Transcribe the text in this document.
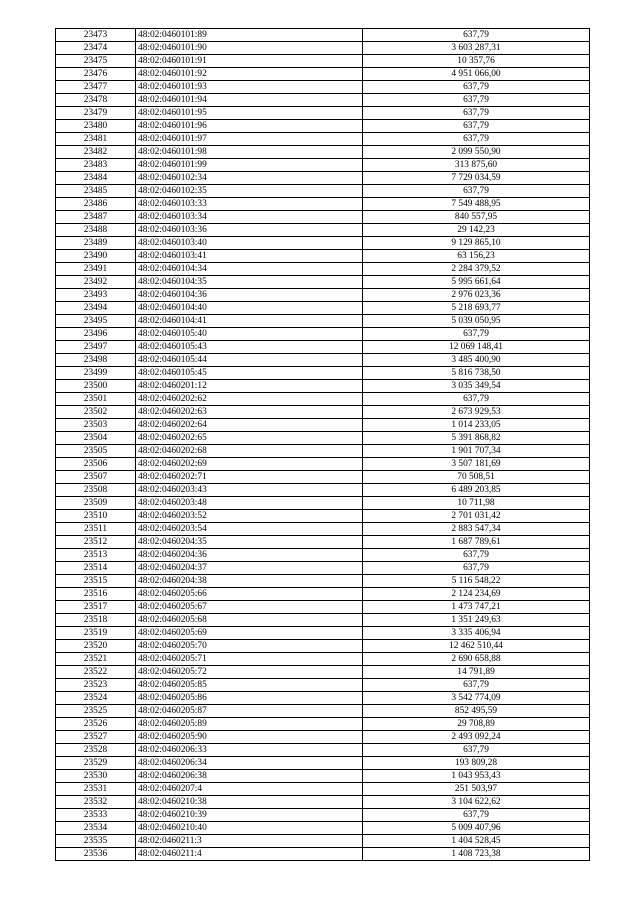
23473	48:02:0460101:89	637,79
23474	48:02:0460101:90	3 603 287,31
23475	48:02:0460101:91	10 357,76
23476	48:02:0460101:92	4 951 066,00
23477	48:02:0460101:93	637,79
23478	48:02:0460101:94	637,79
23479	48:02:0460101:95	637,79
23480	48:02:0460101:96	637,79
23481	48:02:0460101:97	637,79
23482	48:02:0460101:98	2 099 550,90
23483	48:02:0460101:99	313 875,60
23484	48:02:0460102:34	7 729 034,59
23485	48:02:0460102:35	637,79
23486	48:02:0460103:33	7 549 488,95
23487	48:02:0460103:34	840 557,95
23488	48:02:0460103:36	29 142,23
23489	48:02:0460103:40	9 129 865,10
23490	48:02:0460103:41	63 156,23
23491	48:02:0460104:34	2 284 379,52
23492	48:02:0460104:35	5 995 661,64
23493	48:02:0460104:36	2 976 023,36
23494	48:02:0460104:40	5 218 693,77
23495	48:02:0460104:41	5 039 050,95
23496	48:02:0460105:40	637,79
23497	48:02:0460105:43	12 069 148,41
23498	48:02:0460105:44	3 485 400,90
23499	48:02:0460105:45	5 816 738,50
23500	48:02:0460201:12	3 035 349,54
23501	48:02:0460202:62	637,79
23502	48:02:0460202:63	2 673 929,53
23503	48:02:0460202:64	1 014 233,05
23504	48:02:0460202:65	5 391 868,82
23505	48:02:0460202:68	1 901 707,34
23506	48:02:0460202:69	3 507 181,69
23507	48:02:0460202:71	70 508,51
23508	48:02:0460203:43	6 489 203,85
23509	48:02:0460203:48	10 711,98
23510	48:02:0460203:52	2 701 031,42
23511	48:02:0460203:54	2 883 547,34
23512	48:02:0460204:35	1 687 789,61
23513	48:02:0460204:36	637,79
23514	48:02:0460204:37	637,79
23515	48:02:0460204:38	5 116 548,22
23516	48:02:0460205:66	2 124 234,69
23517	48:02:0460205:67	1 473 747,21
23518	48:02:0460205:68	1 351 249,63
23519	48:02:0460205:69	3 335 406,94
23520	48:02:0460205:70	12 462 510,44
23521	48:02:0460205:71	2 690 658,88
23522	48:02:0460205:72	14 791,89
23523	48:02:0460205:85	637,79
23524	48:02:0460205:86	3 542 774,09
23525	48:02:0460205:87	852 495,59
23526	48:02:0460205:89	29 708,89
23527	48:02:0460205:90	2 493 092,24
23528	48:02:0460206:33	637,79
23529	48:02:0460206:34	193 809,28
23530	48:02:0460206:38	1 043 953,43
23531	48:02:0460207:4	251 503,97
23532	48:02:0460210:38	3 104 622,62
23533	48:02:0460210:39	637,79
23534	48:02:0460210:40	5 009 407,96
23535	48:02:0460211:3	1 404 528,45
23536	48:02:0460211:4	1 408 723,38
